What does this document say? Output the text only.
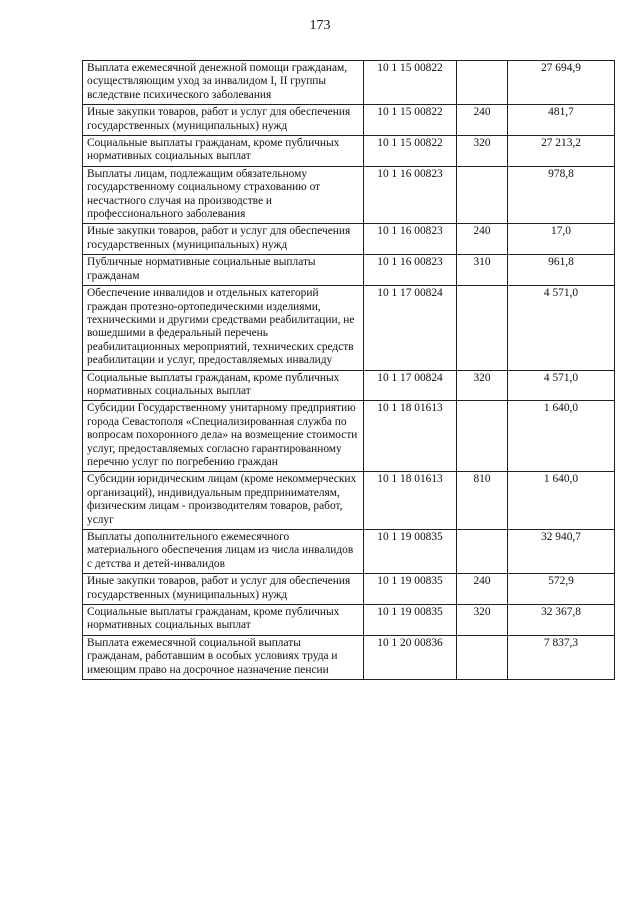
173
Выплата ежемесячной денежной помощи гражданам, осуществляющим уход за инвалидом I, II группы вследствие психического заболевания	10 1 15 00822		27 694,9
Иные закупки товаров, работ и услуг для обеспечения государственных (муниципальных) нужд	10 1 15 00822	240	481,7
Социальные выплаты гражданам, кроме публичных нормативных социальных выплат	10 1 15 00822	320	27 213,2
Выплаты лицам, подлежащим обязательному государственному социальному страхованию от несчастного случая на производстве и профессионального заболевания	10 1 16 00823		978,8
Иные закупки товаров, работ и услуг для обеспечения государственных (муниципальных) нужд	10 1 16 00823	240	17,0
Публичные нормативные социальные выплаты гражданам	10 1 16 00823	310	961,8
Обеспечение инвалидов и отдельных категорий граждан протезно-ортопедическими изделиями, техническими и другими средствами реабилитации, не вошедшими в федеральный перечень реабилитационных мероприятий, технических средств реабилитации и услуг, предоставляемых инвалиду	10 1 17 00824		4 571,0
Социальные выплаты гражданам, кроме публичных нормативных социальных выплат	10 1 17 00824	320	4 571,0
Субсидии Государственному унитарному предприятию города Севастополя «Специализированная служба по вопросам похоронного дела» на возмещение стоимости услуг, предоставляемых согласно гарантированному перечню услуг по погребению граждан	10 1 18 01613		1 640,0
Субсидии юридическим лицам (кроме некоммерческих организаций), индивидуальным предпринимателям, физическим лицам - производителям товаров, работ, услуг	10 1 18 01613	810	1 640,0
Выплаты дополнительного ежемесячного материального обеспечения лицам из числа инвалидов с детства и детей-инвалидов	10 1 19 00835		32 940,7
Иные закупки товаров, работ и услуг для обеспечения государственных (муниципальных) нужд	10 1 19 00835	240	572,9
Социальные выплаты гражданам, кроме публичных нормативных социальных выплат	10 1 19 00835	320	32 367,8
Выплата ежемесячной социальной выплаты гражданам, работавшим в особых условиях труда и имеющим право на досрочное назначение пенсии	10 1 20 00836		7 837,3
